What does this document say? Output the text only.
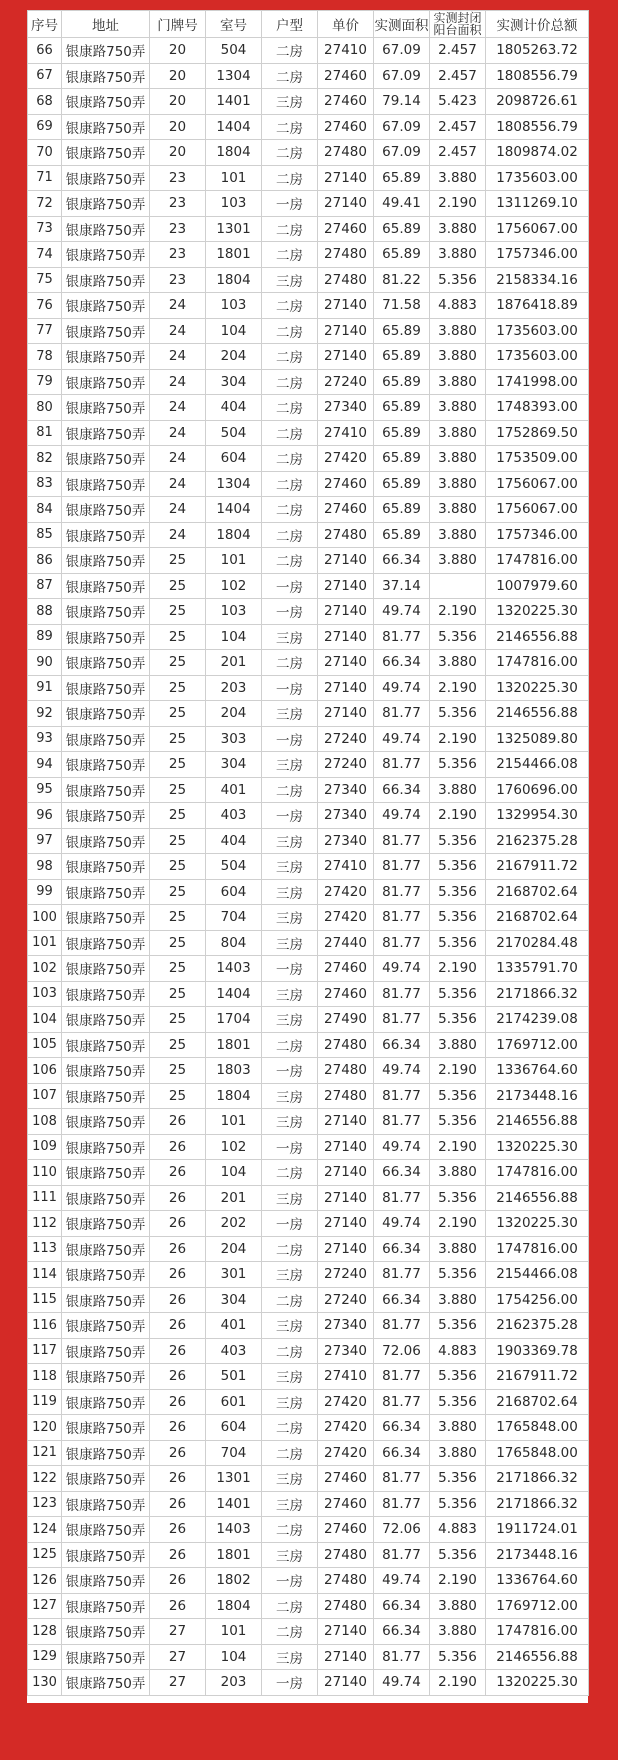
序号	地址	门牌号	室号	户型	单价	实测面积	实测封闭阳台面积	实测计价总额
66	银康路750弄	20	504	二房	27410	67.09	2.457	1805263.72
67	银康路750弄	20	1304	二房	27460	67.09	2.457	1808556.79
68	银康路750弄	20	1401	三房	27460	79.14	5.423	2098726.61
69	银康路750弄	20	1404	二房	27460	67.09	2.457	1808556.79
70	银康路750弄	20	1804	二房	27480	67.09	2.457	1809874.02
71	银康路750弄	23	101	二房	27140	65.89	3.880	1735603.00
72	银康路750弄	23	103	一房	27140	49.41	2.190	1311269.10
73	银康路750弄	23	1301	二房	27460	65.89	3.880	1756067.00
74	银康路750弄	23	1801	二房	27480	65.89	3.880	1757346.00
75	银康路750弄	23	1804	三房	27480	81.22	5.356	2158334.16
76	银康路750弄	24	103	二房	27140	71.58	4.883	1876418.89
77	银康路750弄	24	104	二房	27140	65.89	3.880	1735603.00
78	银康路750弄	24	204	二房	27140	65.89	3.880	1735603.00
79	银康路750弄	24	304	二房	27240	65.89	3.880	1741998.00
80	银康路750弄	24	404	二房	27340	65.89	3.880	1748393.00
81	银康路750弄	24	504	二房	27410	65.89	3.880	1752869.50
82	银康路750弄	24	604	二房	27420	65.89	3.880	1753509.00
83	银康路750弄	24	1304	二房	27460	65.89	3.880	1756067.00
84	银康路750弄	24	1404	二房	27460	65.89	3.880	1756067.00
85	银康路750弄	24	1804	二房	27480	65.89	3.880	1757346.00
86	银康路750弄	25	101	二房	27140	66.34	3.880	1747816.00
87	银康路750弄	25	102	一房	27140	37.14		1007979.60
88	银康路750弄	25	103	一房	27140	49.74	2.190	1320225.30
89	银康路750弄	25	104	三房	27140	81.77	5.356	2146556.88
90	银康路750弄	25	201	二房	27140	66.34	3.880	1747816.00
91	银康路750弄	25	203	一房	27140	49.74	2.190	1320225.30
92	银康路750弄	25	204	三房	27140	81.77	5.356	2146556.88
93	银康路750弄	25	303	一房	27240	49.74	2.190	1325089.80
94	银康路750弄	25	304	三房	27240	81.77	5.356	2154466.08
95	银康路750弄	25	401	二房	27340	66.34	3.880	1760696.00
96	银康路750弄	25	403	一房	27340	49.74	2.190	1329954.30
97	银康路750弄	25	404	三房	27340	81.77	5.356	2162375.28
98	银康路750弄	25	504	三房	27410	81.77	5.356	2167911.72
99	银康路750弄	25	604	三房	27420	81.77	5.356	2168702.64
100	银康路750弄	25	704	三房	27420	81.77	5.356	2168702.64
101	银康路750弄	25	804	三房	27440	81.77	5.356	2170284.48
102	银康路750弄	25	1403	一房	27460	49.74	2.190	1335791.70
103	银康路750弄	25	1404	三房	27460	81.77	5.356	2171866.32
104	银康路750弄	25	1704	三房	27490	81.77	5.356	2174239.08
105	银康路750弄	25	1801	二房	27480	66.34	3.880	1769712.00
106	银康路750弄	25	1803	一房	27480	49.74	2.190	1336764.60
107	银康路750弄	25	1804	三房	27480	81.77	5.356	2173448.16
108	银康路750弄	26	101	三房	27140	81.77	5.356	2146556.88
109	银康路750弄	26	102	一房	27140	49.74	2.190	1320225.30
110	银康路750弄	26	104	二房	27140	66.34	3.880	1747816.00
111	银康路750弄	26	201	三房	27140	81.77	5.356	2146556.88
112	银康路750弄	26	202	一房	27140	49.74	2.190	1320225.30
113	银康路750弄	26	204	二房	27140	66.34	3.880	1747816.00
114	银康路750弄	26	301	三房	27240	81.77	5.356	2154466.08
115	银康路750弄	26	304	二房	27240	66.34	3.880	1754256.00
116	银康路750弄	26	401	三房	27340	81.77	5.356	2162375.28
117	银康路750弄	26	403	二房	27340	72.06	4.883	1903369.78
118	银康路750弄	26	501	三房	27410	81.77	5.356	2167911.72
119	银康路750弄	26	601	三房	27420	81.77	5.356	2168702.64
120	银康路750弄	26	604	二房	27420	66.34	3.880	1765848.00
121	银康路750弄	26	704	二房	27420	66.34	3.880	1765848.00
122	银康路750弄	26	1301	三房	27460	81.77	5.356	2171866.32
123	银康路750弄	26	1401	三房	27460	81.77	5.356	2171866.32
124	银康路750弄	26	1403	二房	27460	72.06	4.883	1911724.01
125	银康路750弄	26	1801	三房	27480	81.77	5.356	2173448.16
126	银康路750弄	26	1802	一房	27480	49.74	2.190	1336764.60
127	银康路750弄	26	1804	二房	27480	66.34	3.880	1769712.00
128	银康路750弄	27	101	二房	27140	66.34	3.880	1747816.00
129	银康路750弄	27	104	三房	27140	81.77	5.356	2146556.88
130	银康路750弄	27	203	一房	27140	49.74	2.190	1320225.30
